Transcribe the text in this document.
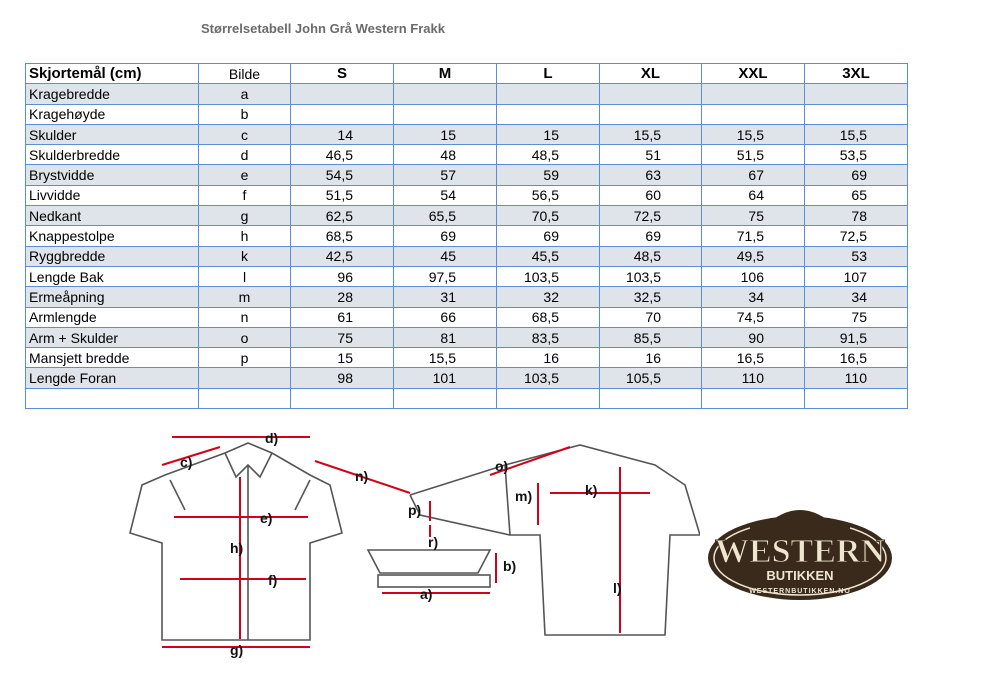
Størrelsetabell John Grå Western Frakk
Skjortemål (cm)	Bilde	S	M	L	XL	XXL	3XL
Kragebredde	a						
Kragehøyde	b						
Skulder	c	14	15	15	15,5	15,5	15,5
Skulderbredde	d	46,5	48	48,5	51	51,5	53,5
Brystvidde	e	54,5	57	59	63	67	69
Livvidde	f	51,5	54	56,5	60	64	65
Nedkant	g	62,5	65,5	70,5	72,5	75	78
Knappestolpe	h	68,5	69	69	69	71,5	72,5
Ryggbredde	k	42,5	45	45,5	48,5	49,5	53
Lengde Bak	l	96	97,5	103,5	103,5	106	107
Ermeåpning	m	28	31	32	32,5	34	34
Armlengde	n	61	66	68,5	70	74,5	75
Arm + Skulder	o	75	81	83,5	85,5	90	91,5
Mansjett bredde	p	15	15,5	16	16	16,5	16,5
Lengde Foran		98	101	103,5	105,5	110	110

d)
c)
e)
h)
f)
g)
n)
o)
m)	k)
l)
p)
r)
b)
a)
WESTERN
BUTIKKEN
WESTERNBUTIKKEN.NO
